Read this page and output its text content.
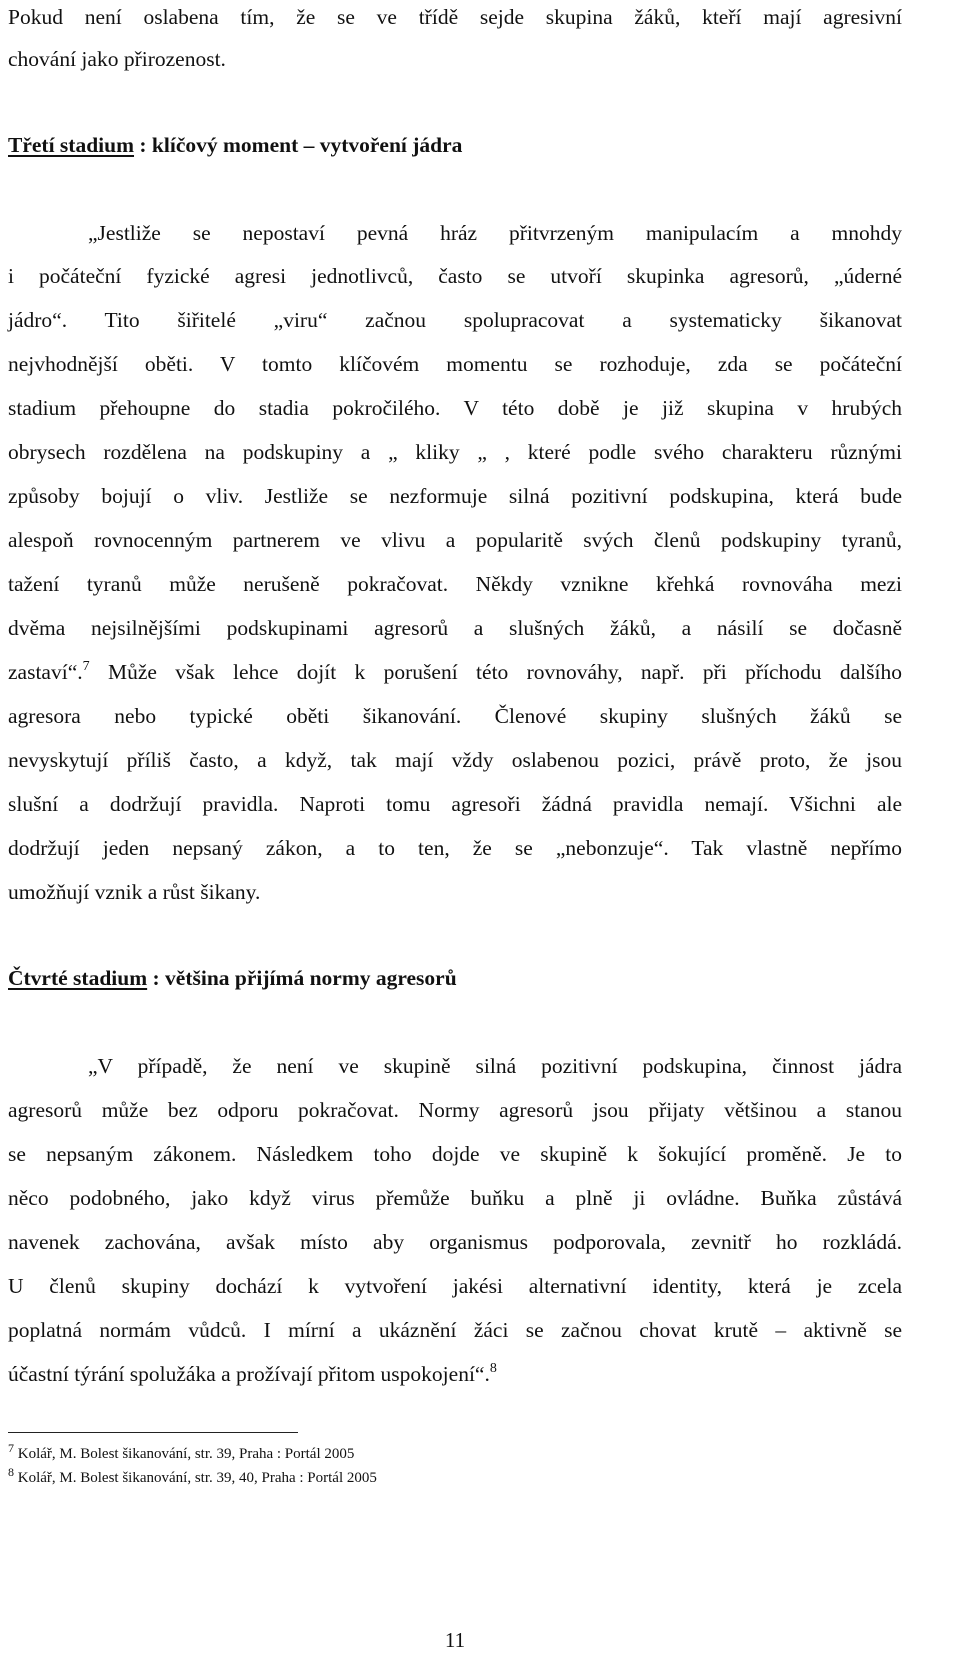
Pokud není oslabena tím, že se ve třídě sejde skupina žáků, kteří mají agresivní
chování jako přirozenost.
Třetí stadium : klíčový moment – vytvoření jádra
„Jestliže se nepostaví pevná hráz přitvrzeným manipulacím a mnohdy
i počáteční fyzické agresi jednotlivců, často se utvoří skupinka agresorů, „úderné
jádro“. Tito šiřitelé „viru“ začnou spolupracovat a systematicky šikanovat
nejvhodnější oběti. V tomto klíčovém momentu se rozhoduje, zda se počáteční
stadium přehoupne do stadia pokročilého. V této době je již skupina v hrubých
obrysech rozdělena na podskupiny a „ kliky „ , které podle svého charakteru různými
způsoby bojují o vliv. Jestliže se nezformuje silná pozitivní podskupina, která bude
alespoň rovnocenným partnerem ve vlivu a popularitě svých členů podskupiny tyranů,
tažení tyranů může nerušeně pokračovat. Někdy vznikne křehká rovnováha mezi
dvěma nejsilnějšími podskupinami agresorů a slušných žáků, a násilí se dočasně
zastaví“.$^7$ Může však lehce dojít k porušení této rovnováhy, např. při příchodu dalšího
agresora nebo typické oběti šikanování. Členové skupiny slušných žáků se
nevyskytují příliš často, a když, tak mají vždy oslabenou pozici, právě proto, že jsou
slušní a dodržují pravidla. Naproti tomu agresoři žádná pravidla nemají. Všichni ale
dodržují jeden nepsaný zákon, a to ten, že se „nebonzuje“. Tak vlastně nepřímo
umožňují vznik a růst šikany.
Čtvrté stadium : většina přijímá normy agresorů
„V případě, že není ve skupině silná pozitivní podskupina, činnost jádra
agresorů může bez odporu pokračovat. Normy agresorů jsou přijaty většinou a stanou
se nepsaným zákonem. Následkem toho dojde ve skupině k šokující proměně. Je to
něco podobného, jako když virus přemůže buňku a plně ji ovládne. Buňka zůstává
navenek zachována, avšak místo aby organismus podporovala, zevnitř ho rozkládá.
U členů skupiny dochází k vytvoření jakési alternativní identity, která je zcela
poplatná normám vůdců. I mírní a ukáznění žáci se začnou chovat krutě – aktivně se
účastní týrání spolužáka a prožívají přitom uspokojení“.$^8$
$^7$ Kolář, M. Bolest šikanování, str. 39, Praha : Portál 2005
$^8$ Kolář, M. Bolest šikanování, str. 39, 40, Praha : Portál 2005
11
